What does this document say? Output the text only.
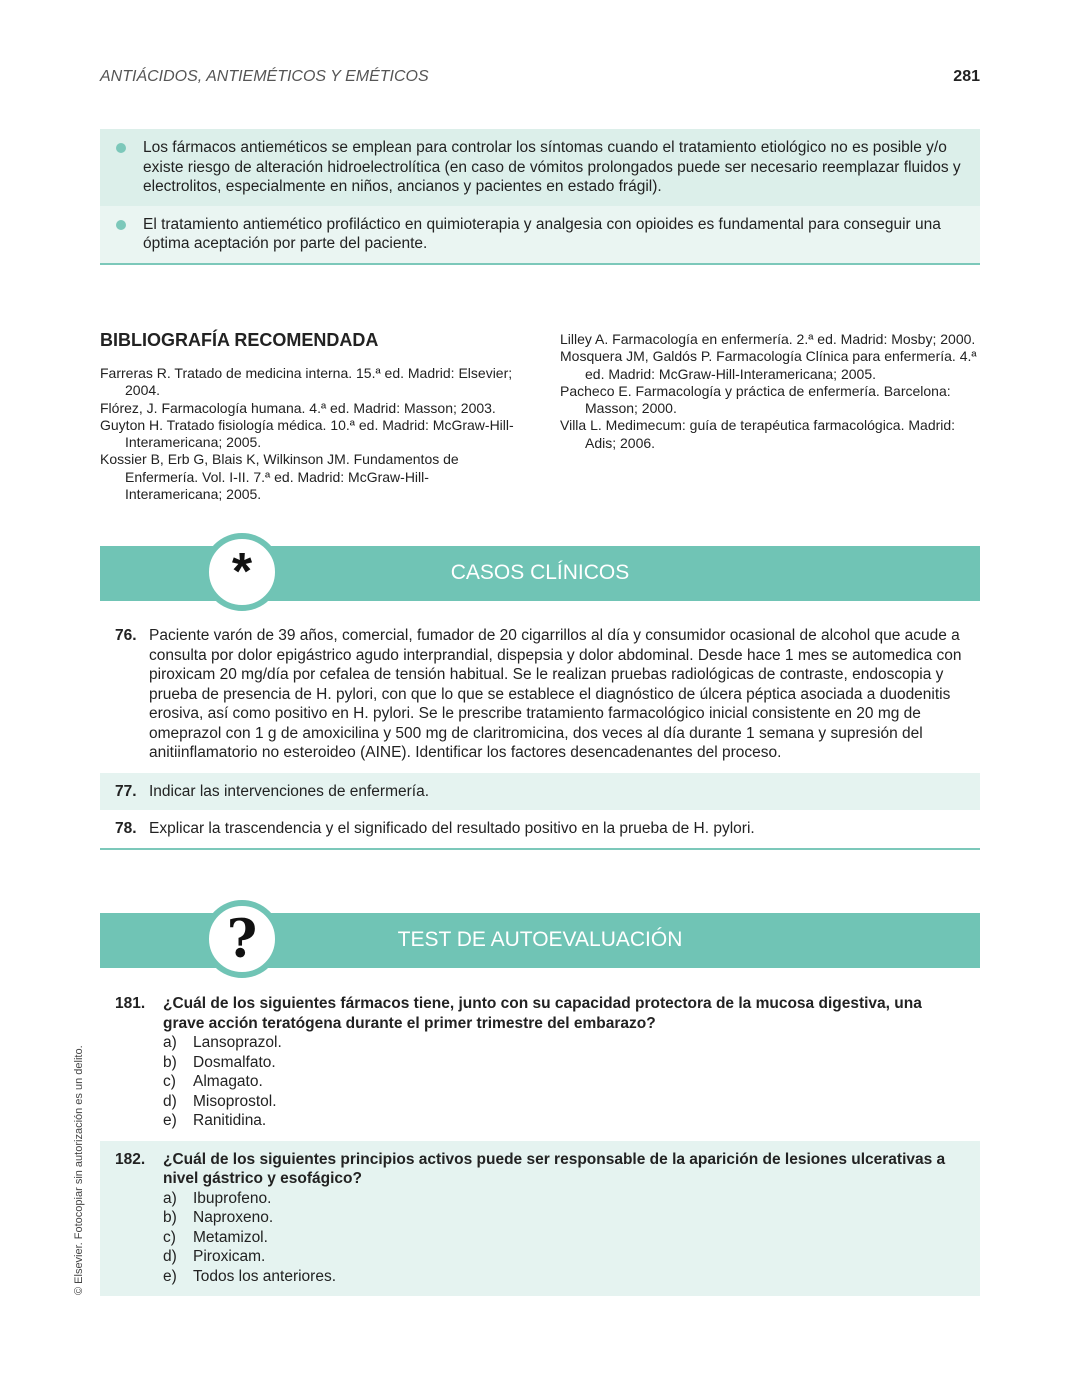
ANTIÁCIDOS, ANTIEMÉTICOS Y EMÉTICOS	281
Los fármacos antieméticos se emplean para controlar los síntomas cuando el tratamiento etiológico no es posible y/o existe riesgo de alteración hidroelectrolítica (en caso de vómitos prolongados puede ser necesario reemplazar fluidos y electrolitos, especialmente en niños, ancianos y pacientes en estado frágil).
El tratamiento antiemético profiláctico en quimioterapia y analgesia con opioides es fundamental para conseguir una óptima aceptación por parte del paciente.
BIBLIOGRAFÍA RECOMENDADA
Farreras R. Tratado de medicina interna. 15.ª ed. Madrid: Elsevier; 2004.
Flórez, J. Farmacología humana. 4.ª ed. Madrid: Masson; 2003.
Guyton H. Tratado fisiología médica. 10.ª ed. Madrid: McGraw-Hill-Interamericana; 2005.
Kossier B, Erb G, Blais K, Wilkinson JM. Fundamentos de Enfermería. Vol. I-II. 7.ª ed. Madrid: McGraw-Hill-Interamericana; 2005.
Lilley A. Farmacología en enfermería. 2.ª ed. Madrid: Mosby; 2000.
Mosquera JM, Galdós P. Farmacología Clínica para enfermería. 4.ª ed. Madrid: McGraw-Hill-Interamericana; 2005.
Pacheco E. Farmacología y práctica de enfermería. Barcelona: Masson; 2000.
Villa L. Medimecum: guía de terapéutica farmacológica. Madrid: Adis; 2006.
*	CASOS CLÍNICOS
76. Paciente varón de 39 años, comercial, fumador de 20 cigarrillos al día y consumidor ocasional de alcohol que acude a consulta por dolor epigástrico agudo interprandial, dispepsia y dolor abdominal. Desde hace 1 mes se automedica con piroxicam 20 mg/día por cefalea de tensión habitual. Se le realizan pruebas radiológicas de contraste, endoscopia y prueba de presencia de H. pylori, con que lo que se establece el diagnóstico de úlcera péptica asociada a duodenitis erosiva, así como positivo en H. pylori. Se le prescribe tratamiento farmacológico inicial consistente en 20 mg de omeprazol con 1 g de amoxicilina y 500 mg de claritromicina, dos veces al día durante 1 semana y supresión del anitiinflamatorio no esteroideo (AINE). Identificar los factores desencadenantes del proceso.
77. Indicar las intervenciones de enfermería.
78. Explicar la trascendencia y el significado del resultado positivo en la prueba de H. pylori.
?	TEST DE AUTOEVALUACIÓN
181. ¿Cuál de los siguientes fármacos tiene, junto con su capacidad protectora de la mucosa digestiva, una grave acción teratógena durante el primer trimestre del embarazo?
a) Lansoprazol.
b) Dosmalfato.
c) Almagato.
d) Misoprostol.
e) Ranitidina.
182. ¿Cuál de los siguientes principios activos puede ser responsable de la aparición de lesiones ulcerativas a nivel gástrico y esofágico?
a) Ibuprofeno.
b) Naproxeno.
c) Metamizol.
d) Piroxicam.
e) Todos los anteriores.
© Elsevier. Fotocopiar sin autorización es un delito.
